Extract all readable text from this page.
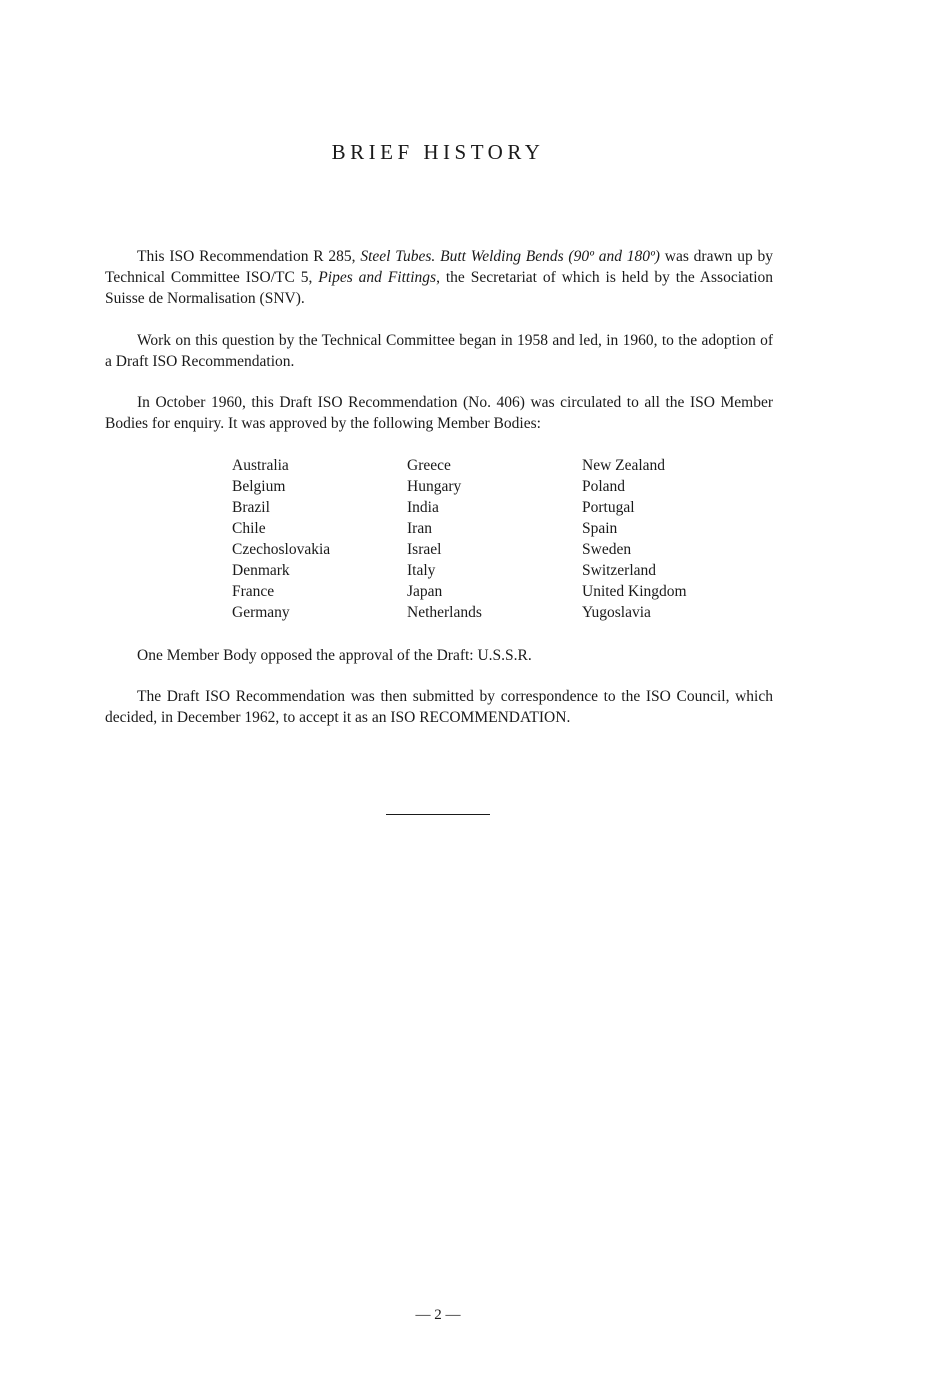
BRIEF HISTORY

This ISO Recommendation R 285, Steel Tubes. Butt Welding Bends (90º and 180º) was drawn up by Technical Committee ISO/TC 5, Pipes and Fittings, the Secretariat of which is held by the Association Suisse de Normalisation (SNV).

Work on this question by the Technical Committee began in 1958 and led, in 1960, to the adoption of a Draft ISO Recommendation.

In October 1960, this Draft ISO Recommendation (No. 406) was circulated to all the ISO Member Bodies for enquiry. It was approved by the following Member Bodies:

Australia	Greece	New Zealand
Belgium	Hungary	Poland
Brazil	India	Portugal
Chile	Iran	Spain
Czechoslovakia	Israel	Sweden
Denmark	Italy	Switzerland
France	Japan	United Kingdom
Germany	Netherlands	Yugoslavia

One Member Body opposed the approval of the Draft: U.S.S.R.

The Draft ISO Recommendation was then submitted by correspondence to the ISO Council, which decided, in December 1962, to accept it as an ISO RECOMMENDATION.

— 2 —
